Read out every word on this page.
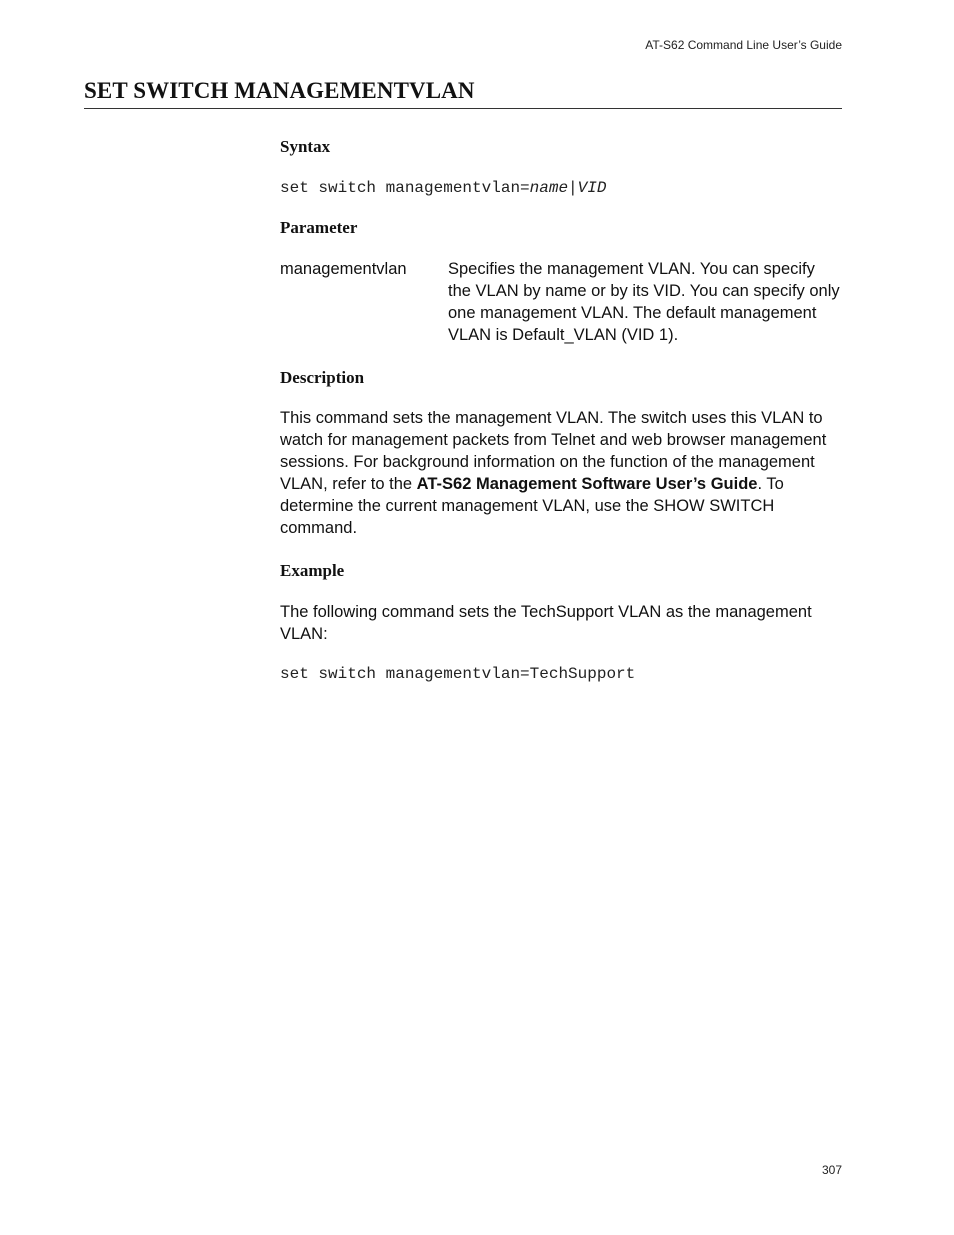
AT-S62 Command Line User’s Guide
SET SWITCH MANAGEMENTVLAN
Syntax

set switch managementvlan=name|VID

Parameter

managementvlan	Specifies the management VLAN. You can specify the VLAN by name or by its VID. You can specify only one management VLAN. The default management VLAN is Default_VLAN (VID 1).

Description

This command sets the management VLAN. The switch uses this VLAN to watch for management packets from Telnet and web browser management sessions. For background information on the function of the management VLAN, refer to the AT-S62 Management Software User’s Guide. To determine the current management VLAN, use the SHOW SWITCH command.

Example

The following command sets the TechSupport VLAN as the management VLAN:

set switch managementvlan=TechSupport

307
